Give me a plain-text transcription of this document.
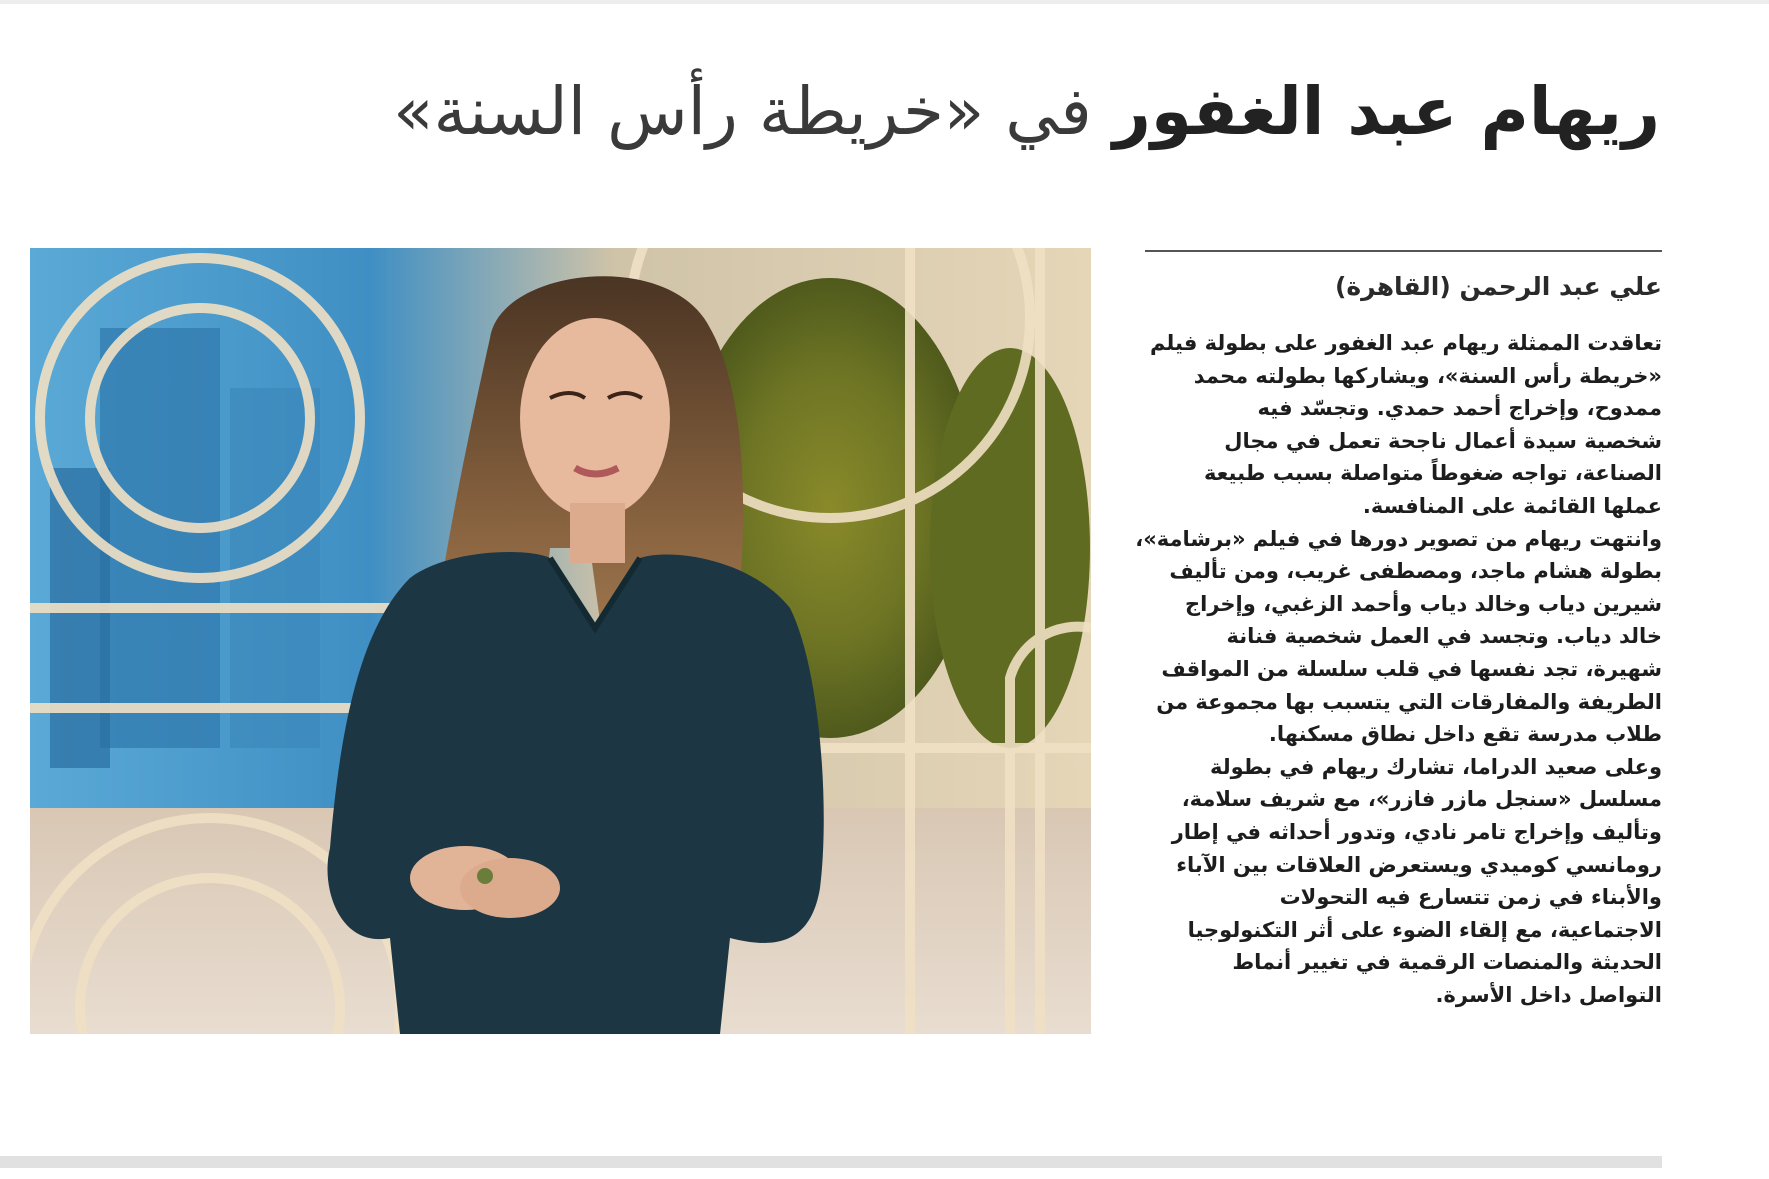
ريهام عبد الغفور في «خريطة رأس السنة»
علي عبد الرحمن (القاهرة)
تعاقدت الممثلة ريهام عبد الغفور على بطولة فيلم
«خريطة رأس السنة»، ويشاركها بطولته محمد
ممدوح، وإخراج أحمد حمدي. وتجسّد فيه
شخصية سيدة أعمال ناجحة تعمل في مجال
الصناعة، تواجه ضغوطاً متواصلة بسبب طبيعة
عملها القائمة على المنافسة.
وانتهت ريهام من تصوير دورها في فيلم «برشامة»،
بطولة هشام ماجد، ومصطفى غريب، ومن تأليف
شيرين دياب وخالد دياب وأحمد الزغبي، وإخراج
خالد دياب. وتجسد في العمل شخصية فنانة
شهيرة، تجد نفسها في قلب سلسلة من المواقف
الطريفة والمفارقات التي يتسبب بها مجموعة من
طلاب مدرسة تقع داخل نطاق مسكنها.
وعلى صعيد الدراما، تشارك ريهام في بطولة
مسلسل «سنجل مازر فازر»، مع شريف سلامة،
وتأليف وإخراج تامر نادي، وتدور أحداثه في إطار
رومانسي كوميدي ويستعرض العلاقات بين الآباء
والأبناء في زمن تتسارع فيه التحولات
الاجتماعية، مع إلقاء الضوء على أثر التكنولوجيا
الحديثة والمنصات الرقمية في تغيير أنماط
التواصل داخل الأسرة.
